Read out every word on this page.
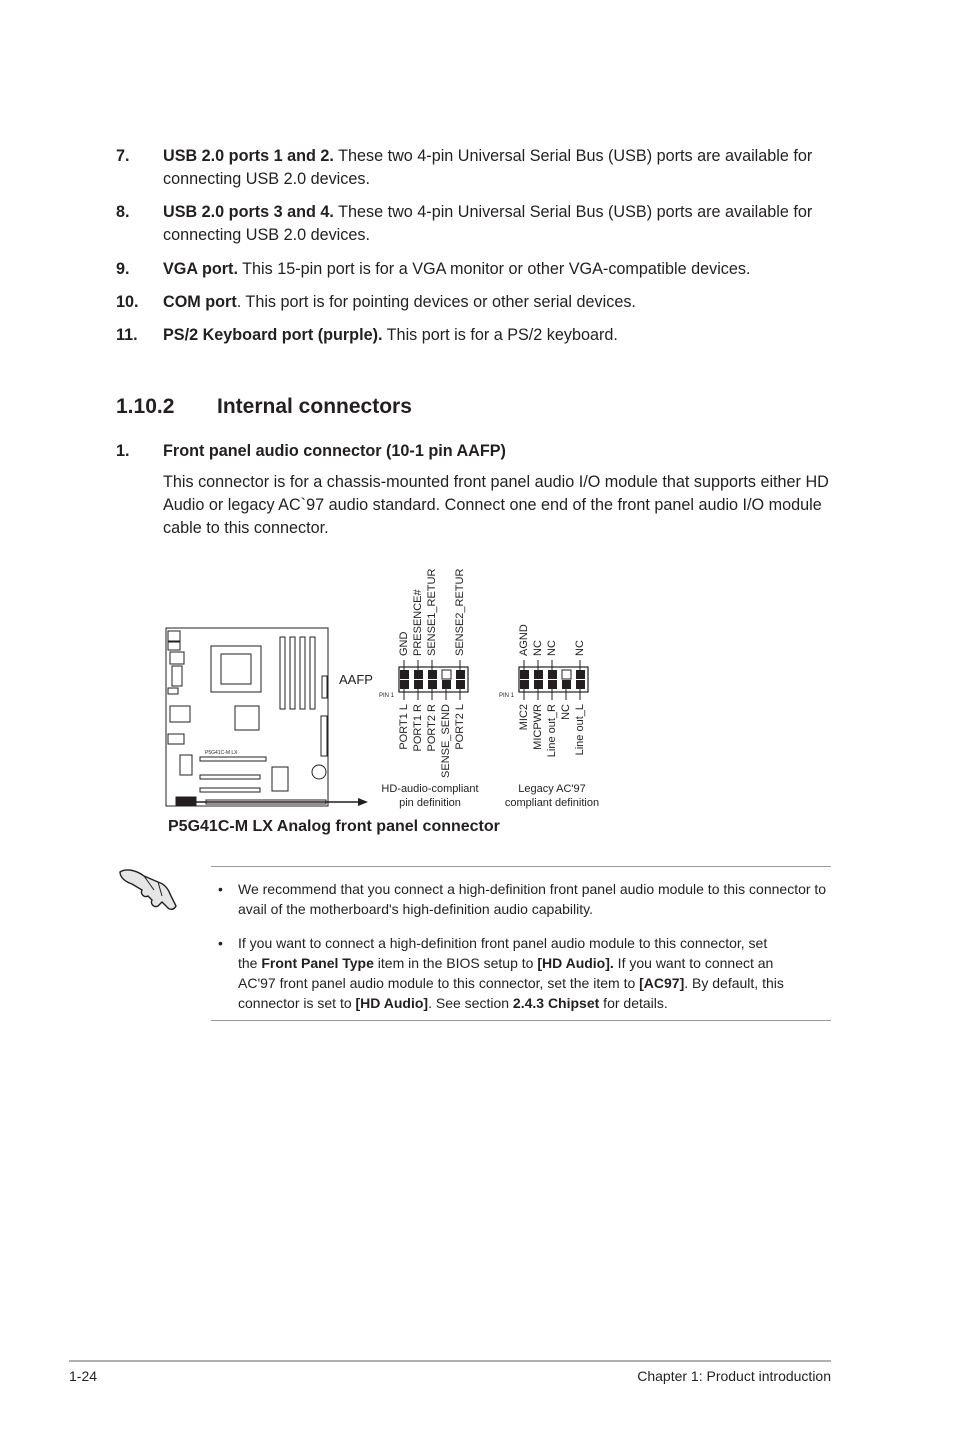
7. USB 2.0 ports 1 and 2. These two 4-pin Universal Serial Bus (USB) ports are available for connecting USB 2.0 devices.
8. USB 2.0 ports 3 and 4. These two 4-pin Universal Serial Bus (USB) ports are available for connecting USB 2.0 devices.
9. VGA port. This 15-pin port is for a VGA monitor or other VGA-compatible devices.
10. COM port. This port is for pointing devices or other serial devices.
11. PS/2 Keyboard port (purple). This port is for a PS/2 keyboard.
1.10.2 Internal connectors
1. Front panel audio connector (10-1 pin AAFP)
This connector is for a chassis-mounted front panel audio I/O module that supports either HD Audio or legacy AC`97 audio standard. Connect one end of the front panel audio I/O module cable to this connector.
P5G41C-M LX
AAFP
PIN 1
GND PRESENCE# SENSE1_RETUR SENSE2_RETUR
PORT1 L PORT1 R PORT2 R SENSE_SEND PORT2 L
PIN 1
AGND NC NC NC
MIC2 MICPWR Line out_R NC Line out_L
HD-audio-compliant
pin definition
Legacy AC'97
compliant definition
P5G41C-M LX Analog front panel connector
• We recommend that you connect a high-definition front panel audio module to this connector to avail of the motherboard's high-definition audio capability.
• If you want to connect a high-definition front panel audio module to this connector, set
the Front Panel Type item in the BIOS setup to [HD Audio]. If you want to connect an
AC'97 front panel audio module to this connector, set the item to [AC97]. By default, this
connector is set to [HD Audio]. See section 2.4.3 Chipset for details.
1-24	Chapter 1: Product introduction
